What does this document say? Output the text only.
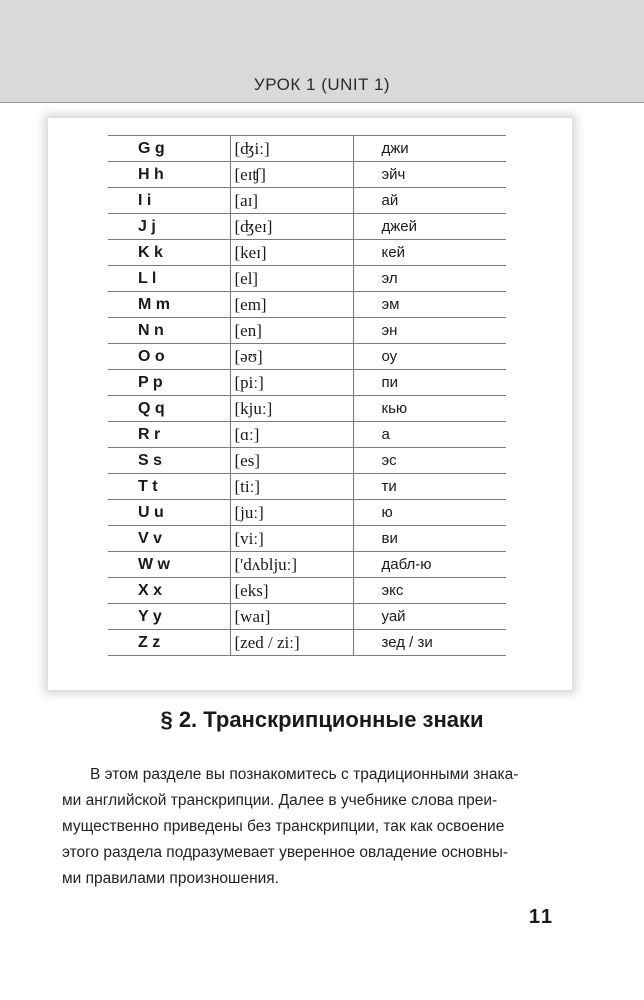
УРОК 1 (UNIT 1)
G g	[ʤiː]	джи
H h	[eɪʧ]	эйч
I i	[aɪ]	ай
J j	[ʤeɪ]	джей
K k	[keɪ]	кей
L l	[el]	эл
M m	[em]	эм
N n	[en]	эн
O o	[əʊ]	оу
P p	[piː]	пи
Q q	[kjuː]	кью
R r	[ɑː]	а
S s	[es]	эс
T t	[tiː]	ти
U u	[juː]	ю
V v	[viː]	ви
W w	['dʌbljuː]	дабл-ю
X x	[eks]	экс
Y y	[waɪ]	уай
Z z	[zed / ziː]	зед / зи
§ 2. Транскрипционные знаки
В этом разделе вы познакомитесь с традиционными знака-
ми английской транскрипции. Далее в учебнике слова преи-
мущественно приведены без транскрипции, так как освоение
этого раздела подразумевает уверенное овладение основны-
ми правилами произношения.
11
